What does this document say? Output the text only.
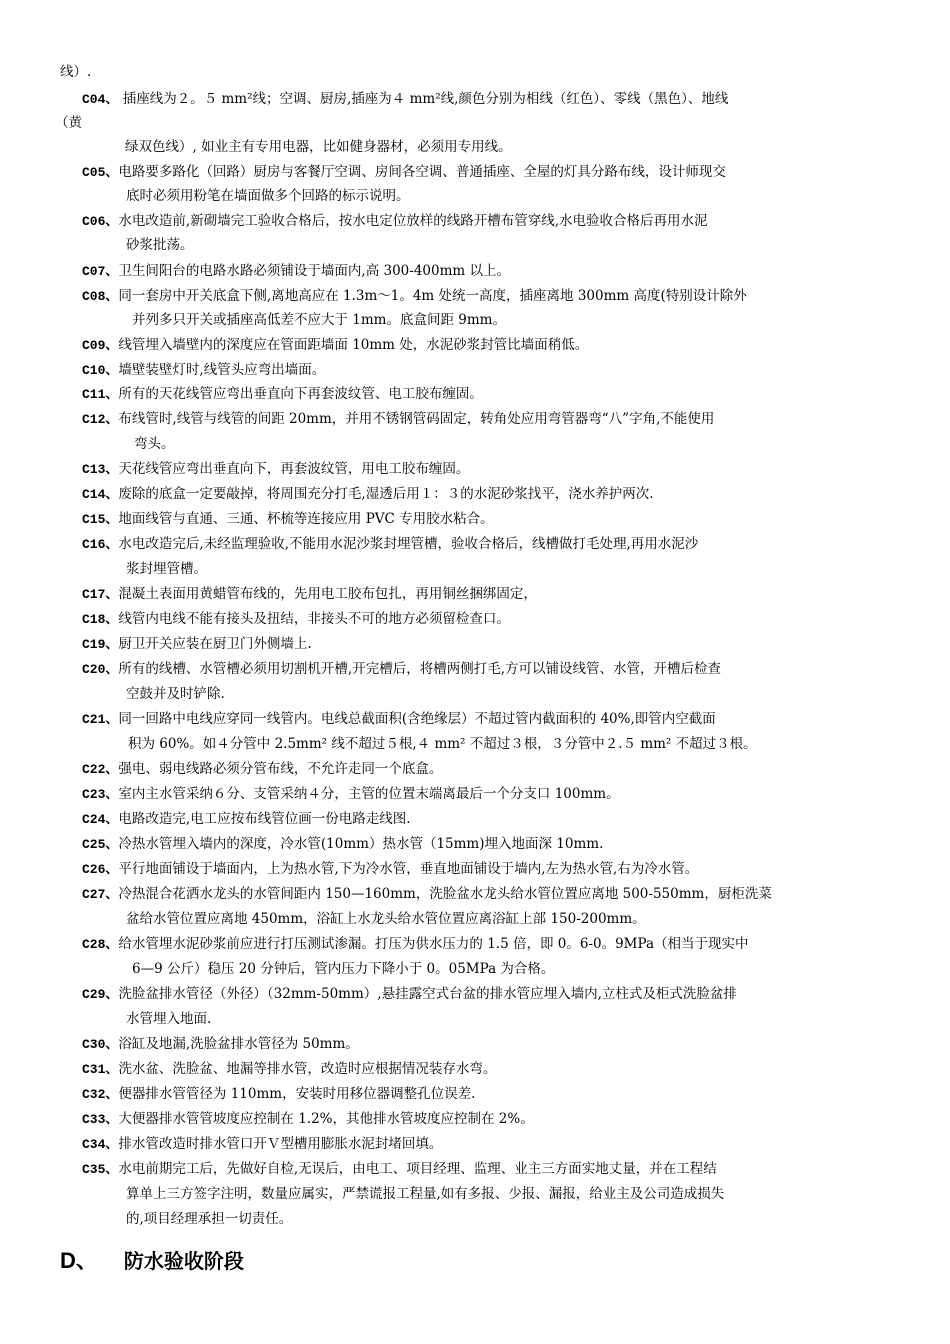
D、 防水验收阶段
线）.
C04、 插座线为２。５ mm²线；空调、厨房,插座为４ mm²线,颜色分别为相线（红色）、零线（黑色）、地线
（黄
绿双色线）, 如业主有专用电器，比如健身器材，必须用专用线。
C05、电路要多路化（回路）厨房与客餐厅空调、房间各空调、普通插座、全屋的灯具分路布线，设计师现交
底时必须用粉笔在墙面做多个回路的标示说明。
C06、水电改造前,新砌墙完工验收合格后，按水电定位放样的线路开槽布管穿线,水电验收合格后再用水泥
砂浆批荡。
C07、卫生间阳台的电路水路必须铺设于墙面内,高 300-400mm 以上。
C08、同一套房中开关底盒下侧,离地高应在 1.3m～1。4m 处统一高度，插座离地 300mm 高度(特别设计除外
并列多只开关或插座高低差不应大于 1mm。底盒间距 9mm。
C09、线管埋入墙壁内的深度应在管面距墙面 10mm 处，水泥砂浆封管比墙面稍低。
C10、墙壁装壁灯时,线管头应弯出墙面。
C11、所有的天花线管应弯出垂直向下再套波纹管、电工胶布缠固。
C12、布线管时,线管与线管的间距 20mm，并用不锈钢管码固定，转角处应用弯管器弯“八”字角,不能使用
弯头。
C13、天花线管应弯出垂直向下，再套波纹管，用电工胶布缠固。
C14、废除的底盒一定要敲掉，将周围充分打毛,湿透后用１：３的水泥砂浆找平，浇水养护两次.
C15、地面线管与直通、三通、杯梳等连接应用 PVC 专用胶水粘合。
C16、水电改造完后,未经监理验收,不能用水泥沙浆封埋管槽，验收合格后，线槽做打毛处理,再用水泥沙
浆封埋管槽。
C17、混凝土表面用黄蜡管布线的，先用电工胶布包扎，再用铜丝捆绑固定，
C18、线管内电线不能有接头及扭结，非接头不可的地方必须留检查口。
C19、厨卫开关应装在厨卫门外侧墙上.
C20、所有的线槽、水管槽必须用切割机开槽,开完槽后，将槽两侧打毛,方可以铺设线管、水管，开槽后检查
空鼓并及时铲除.
C21、同一回路中电线应穿同一线管内。电线总截面积(含绝缘层）不超过管内截面积的 40%,即管内空截面
积为 60%。如４分管中 2.5mm² 线不超过５根,４ mm² 不超过３根，３分管中２.５ mm² 不超过３根。
C22、强电、弱电线路必须分管布线，不允许走同一个底盒。
C23、室内主水管采纳６分、支管采纳４分，主管的位置末端离最后一个分支口 100mm。
C24、电路改造完,电工应按布线管位画一份电路走线图.
C25、冷热水管埋入墙内的深度，冷水管(10mm）热水管（15mm)埋入地面深 10mm.
C26、平行地面铺设于墙面内，上为热水管,下为冷水管，垂直地面铺设于墙内,左为热水管,右为冷水管。
C27、冷热混合花洒水龙头的水管间距内 150—160mm，洗脸盆水龙头给水管位置应离地 500-550mm，厨柜洗菜
盆给水管位置应离地 450mm，浴缸上水龙头给水管位置应离浴缸上部 150-200mm。
C28、给水管埋水泥砂浆前应进行打压测试渗漏。打压为供水压力的 1.5 倍，即 0。6-0。9MPa（相当于现实中
6—9 公斤）稳压 20 分钟后，管内压力下降小于 0。05MPa 为合格。
C29、洗脸盆排水管径（外径）（32mm-50mm）,悬挂露空式台盆的排水管应埋入墙内,立柱式及柜式洗脸盆排
水管埋入地面.
C30、浴缸及地漏,洗脸盆排水管径为 50mm。
C31、洗水盆、洗脸盆、地漏等排水管，改造时应根据情况装存水弯。
C32、便器排水管管径为 110mm，安装时用移位器调整孔位误差.
C33、大便器排水管管坡度应控制在 1.2%，其他排水管坡度应控制在 2%。
C34、排水管改造时排水管口开Ｖ型槽用膨胀水泥封堵回填。
C35、水电前期完工后，先做好自检,无误后，由电工、项目经理、监理、业主三方面实地丈量，并在工程结
算单上三方签字注明，数量应属实，严禁谎报工程量,如有多报、少报、漏报，给业主及公司造成损失
的,项目经理承担一切责任。
